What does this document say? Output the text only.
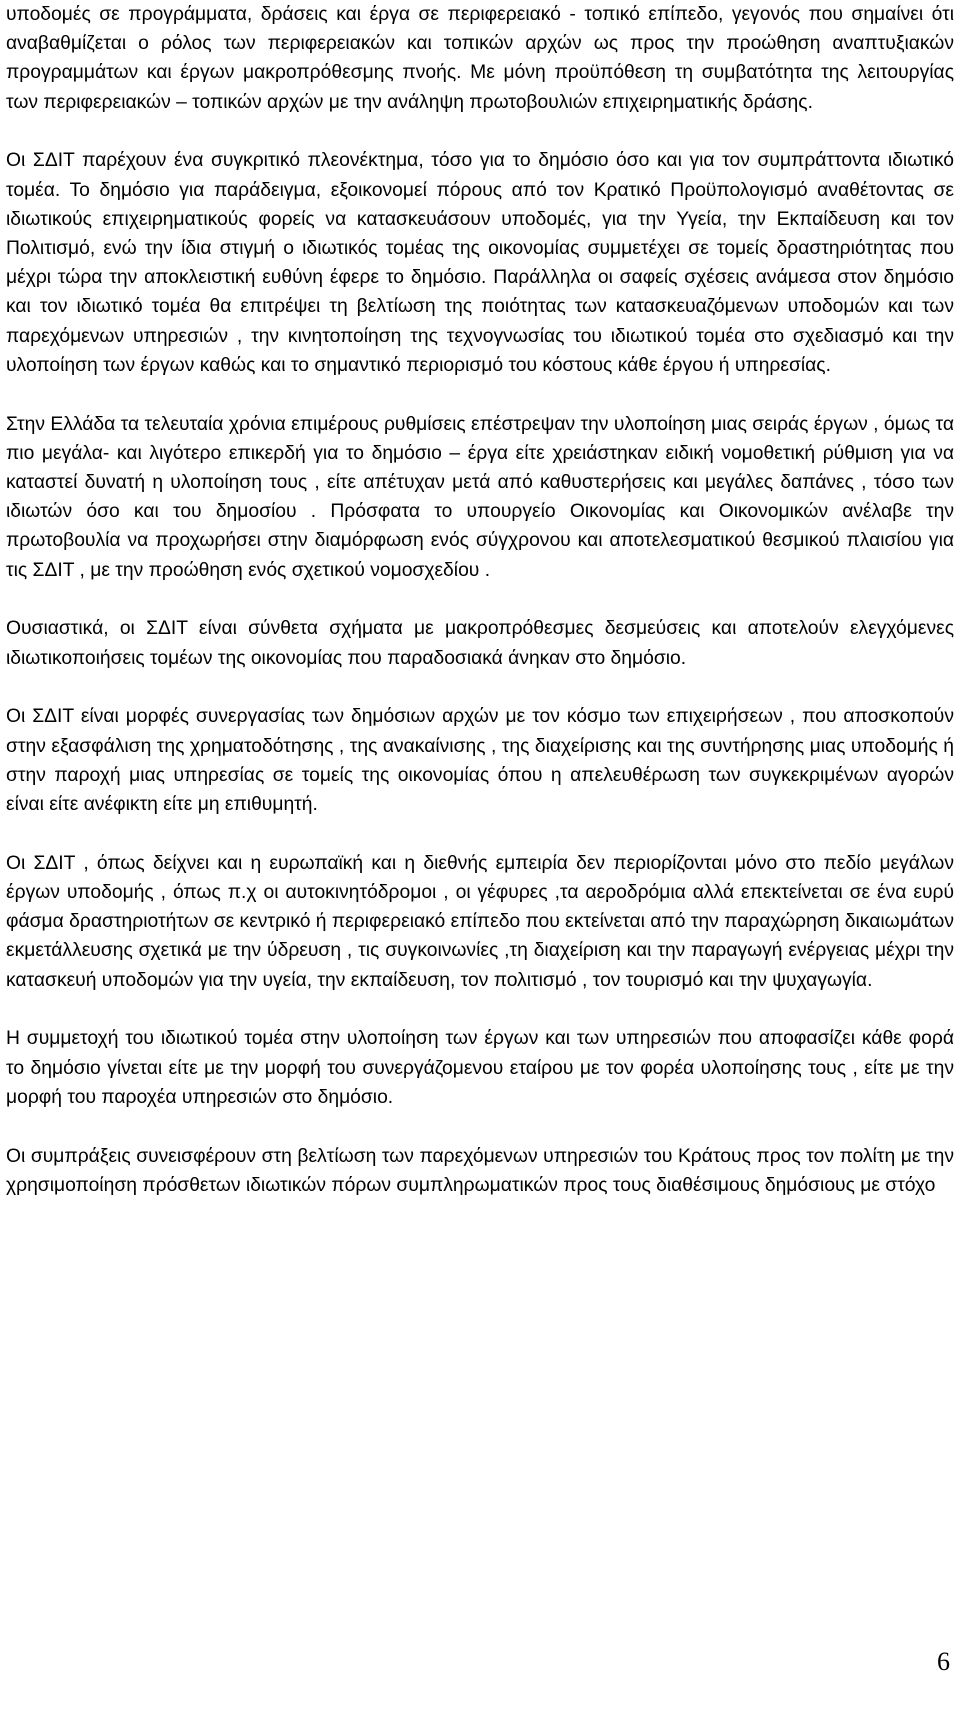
υποδομές σε προγράμματα, δράσεις και έργα σε περιφερειακό - τοπικό επίπεδο, γεγονός που σημαίνει ότι αναβαθμίζεται ο ρόλος των περιφερειακών και τοπικών αρχών ως προς την προώθηση αναπτυξιακών προγραμμάτων και έργων μακροπρόθεσμης πνοής. Με μόνη προϋπόθεση τη συμβατότητα της λειτουργίας των περιφερειακών – τοπικών αρχών με την ανάληψη πρωτοβουλιών επιχειρηματικής δράσης.

Οι ΣΔΙΤ παρέχουν ένα συγκριτικό πλεονέκτημα, τόσο για το δημόσιο όσο και για τον συμπράττοντα ιδιωτικό τομέα. Το δημόσιο για παράδειγμα, εξοικονομεί πόρους από τον Κρατικό Προϋπολογισμό αναθέτοντας σε ιδιωτικούς επιχειρηματικούς φορείς να κατασκευάσουν υποδομές, για την Υγεία, την Εκπαίδευση και τον Πολιτισμό, ενώ την ίδια στιγμή ο ιδιωτικός τομέας της οικονομίας συμμετέχει σε τομείς δραστηριότητας που μέχρι τώρα την αποκλειστική ευθύνη έφερε το δημόσιο. Παράλληλα οι σαφείς σχέσεις ανάμεσα στον δημόσιο και τον ιδιωτικό τομέα θα επιτρέψει τη βελτίωση της ποιότητας των κατασκευαζόμενων υποδομών και των παρεχόμενων υπηρεσιών , την κινητοποίηση της τεχνογνωσίας του ιδιωτικού τομέα στο σχεδιασμό και την υλοποίηση των έργων καθώς και το σημαντικό περιορισμό του κόστους κάθε έργου ή υπηρεσίας.

Στην Ελλάδα τα τελευταία χρόνια επιμέρους ρυθμίσεις επέστρεψαν την υλοποίηση μιας σειράς έργων , όμως τα πιο μεγάλα- και λιγότερο επικερδή για το δημόσιο – έργα είτε χρειάστηκαν ειδική νομοθετική ρύθμιση για να καταστεί δυνατή η υλοποίηση τους , είτε απέτυχαν μετά από καθυστερήσεις και μεγάλες δαπάνες , τόσο των ιδιωτών όσο και του δημοσίου . Πρόσφατα το υπουργείο Οικονομίας και Οικονομικών ανέλαβε την πρωτοβουλία να προχωρήσει στην διαμόρφωση ενός σύγχρονου και αποτελεσματικού θεσμικού πλαισίου για τις ΣΔΙΤ , με την προώθηση ενός σχετικού νομοσχεδίου .

Ουσιαστικά, οι ΣΔΙΤ είναι σύνθετα σχήματα με μακροπρόθεσμες δεσμεύσεις και αποτελούν ελεγχόμενες ιδιωτικοποιήσεις τομέων της οικονομίας που παραδοσιακά άνηκαν στο δημόσιο.

Οι ΣΔΙΤ είναι μορφές συνεργασίας των δημόσιων αρχών με τον κόσμο των επιχειρήσεων , που αποσκοπούν στην εξασφάλιση της χρηματοδότησης , της ανακαίνισης , της διαχείρισης και της συντήρησης μιας υποδομής ή στην παροχή μιας υπηρεσίας σε τομείς της οικονομίας όπου η απελευθέρωση των συγκεκριμένων αγορών είναι είτε ανέφικτη είτε μη επιθυμητή.

Οι ΣΔΙΤ , όπως δείχνει και η ευρωπαϊκή και η διεθνής εμπειρία δεν περιορίζονται μόνο στο πεδίο μεγάλων έργων υποδομής , όπως π.χ οι αυτοκινητόδρομοι , οι γέφυρες ,τα αεροδρόμια αλλά επεκτείνεται σε ένα ευρύ φάσμα δραστηριοτήτων σε κεντρικό ή περιφερειακό επίπεδο που εκτείνεται από την παραχώρηση δικαιωμάτων εκμετάλλευσης σχετικά με την ύδρευση , τις συγκοινωνίες ,τη διαχείριση και την παραγωγή ενέργειας μέχρι την κατασκευή υποδομών για την υγεία, την εκπαίδευση, τον πολιτισμό , τον τουρισμό και την ψυχαγωγία.

Η συμμετοχή του ιδιωτικού τομέα στην υλοποίηση των έργων και των υπηρεσιών που αποφασίζει κάθε φορά το δημόσιο γίνεται είτε με την μορφή του συνεργάζομενου εταίρου με τον φορέα υλοποίησης τους , είτε με την μορφή του παροχέα υπηρεσιών στο δημόσιο.

Οι συμπράξεις συνεισφέρουν στη βελτίωση των παρεχόμενων υπηρεσιών του Κράτους προς τον πολίτη με την χρησιμοποίηση πρόσθετων ιδιωτικών πόρων συμπληρωματικών προς τους διαθέσιμους δημόσιους με στόχο

6
